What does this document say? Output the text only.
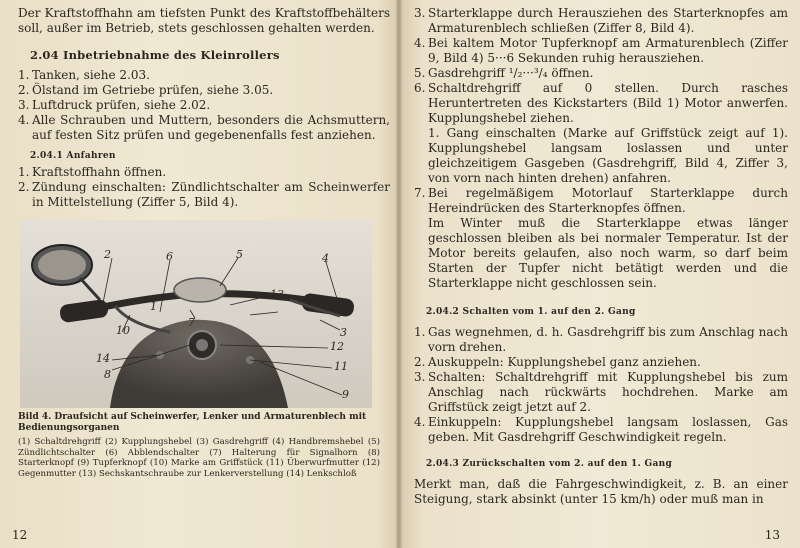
Der Kraftstoffhahn am tiefsten Punkt des Kraftstoffbehälters soll, außer im Betrieb, stets geschlossen gehalten werden.

2.04 Inbetriebnahme des Kleinrollers

1. Tanken, siehe 2.03.
2. Ölstand im Getriebe prüfen, siehe 3.05.
3. Luftdruck prüfen, siehe 2.02.
4. Alle Schrauben und Muttern, besonders die Achsmuttern, auf festen Sitz prüfen und gegebenenfalls fest anziehen.

2.04.1 Anfahren

1. Kraftstoffhahn öffnen.
2. Zündung einschalten: Zündlichtschalter am Scheinwerfer in Mittelstellung (Ziffer 5, Bild 4).
2	6	5	4
13
7
10	3
12
14
11
8
9
1

Bild 4. Draufsicht auf Scheinwerfer, Lenker und Armaturenblech mit Bedienungsorganen

(1) Schaltdrehgriff (2) Kupplungshebel (3) Gasdrehgriff (4) Handbremshebel (5) Zündlichtschalter (6) Abblendschalter (7) Halterung für Signalhorn (8) Starterknopf (9) Tupferknopf (10) Marke am Griffstück (11) Überwurfmutter (12) Gegenmutter (13) Sechskantschraube zur Lenkerverstellung (14) Lenkschloß

12
3. Starterklappe durch Herausziehen des Starterknopfes am Armaturenblech schließen (Ziffer 8, Bild 4).
4. Bei kaltem Motor Tupferknopf am Armaturenblech (Ziffer 9, Bild 4) 5···6 Sekunden ruhig herausziehen.
5. Gasdrehgriff ¹/₂···³/₄ öffnen.
6. Schaltdrehgriff auf 0 stellen. Durch rasches Heruntertreten des Kickstarters (Bild 1) Motor anwerfen. Kupplungshebel ziehen.

1. Gang einschalten (Marke auf Griffstück zeigt auf 1). Kupplungshebel langsam loslassen und unter gleichzeitigem Gasgeben (Gasdrehgriff, Bild 4, Ziffer 3, von vorn nach hinten drehen) anfahren.

7. Bei regelmäßigem Motorlauf Starterklappe durch Hereindrücken des Starterknopfes öffnen.

Im Winter muß die Starterklappe etwas länger geschlossen bleiben als bei normaler Temperatur. Ist der Motor bereits gelaufen, also noch warm, so darf beim Starten der Tupfer nicht betätigt werden und die Starterklappe nicht geschlossen sein.

2.04.2 Schalten vom 1. auf den 2. Gang

1. Gas wegnehmen, d. h. Gasdrehgriff bis zum Anschlag nach vorn drehen.
2. Auskuppeln: Kupplungshebel ganz anziehen.
3. Schalten: Schaltdrehgriff mit Kupplungshebel bis zum Anschlag nach rückwärts hochdrehen. Marke am Griffstück zeigt jetzt auf 2.
4. Einkuppeln: Kupplungshebel langsam loslassen, Gas geben. Mit Gasdrehgriff Geschwindigkeit regeln.

2.04.3 Zurückschalten vom 2. auf den 1. Gang

Merkt man, daß die Fahrgeschwindigkeit, z. B. an einer Steigung, stark absinkt (unter 15 km/h) oder muß man in

13
